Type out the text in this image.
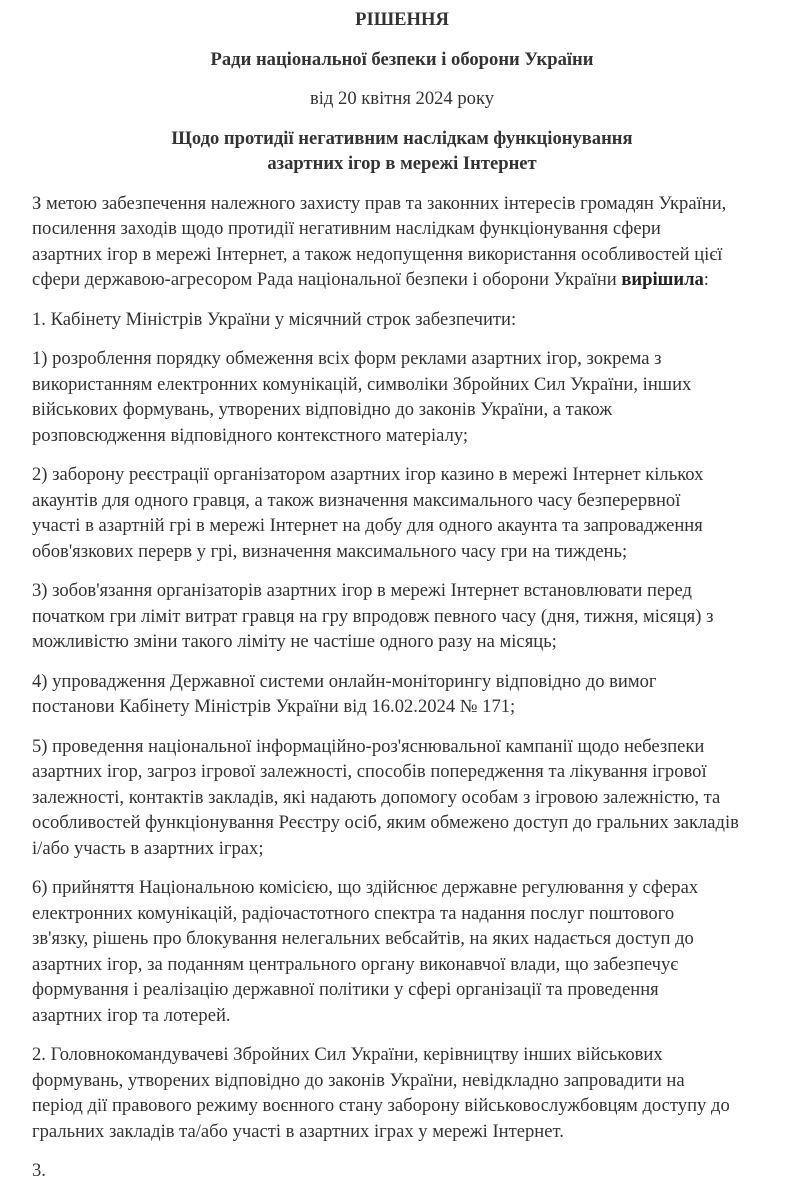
РІШЕННЯ
Ради національної безпеки і оборони України
від 20 квітня 2024 року
Щодо протидії негативним наслідкам функціонування
азартних ігор в мережі Інтернет
З метою забезпечення належного захисту прав та законних інтересів громадян України,
посилення заходів щодо протидії негативним наслідкам функціонування сфери
азартних ігор в мережі Інтернет, а також недопущення використання особливостей цієї
сфери державою-агресором Рада національної безпеки і оборони України вирішила:
1. Кабінету Міністрів України у місячний строк забезпечити:
1) розроблення порядку обмеження всіх форм реклами азартних ігор, зокрема з
використанням електронних комунікацій, символіки Збройних Сил України, інших
військових формувань, утворених відповідно до законів України, а також
розповсюдження відповідного контекстного матеріалу;
2) заборону реєстрації організатором азартних ігор казино в мережі Інтернет кількох
акаунтів для одного гравця, а також визначення максимального часу безперервної
участі в азартній грі в мережі Інтернет на добу для одного акаунта та запровадження
обов'язкових перерв у грі, визначення максимального часу гри на тиждень;
3) зобов'язання організаторів азартних ігор в мережі Інтернет встановлювати перед
початком гри ліміт витрат гравця на гру впродовж певного часу (дня, тижня, місяця) з
можливістю зміни такого ліміту не частіше одного разу на місяць;
4) упровадження Державної системи онлайн-моніторингу відповідно до вимог
постанови Кабінету Міністрів України від 16.02.2024 № 171;
5) проведення національної інформаційно-роз'яснювальної кампанії щодо небезпеки
азартних ігор, загроз ігрової залежності, способів попередження та лікування ігрової
залежності, контактів закладів, які надають допомогу особам з ігровою залежністю, та
особливостей функціонування Реєстру осіб, яким обмежено доступ до гральних закладів
і/або участь в азартних іграх;
6) прийняття Національною комісією, що здійснює державне регулювання у сферах
електронних комунікацій, радіочастотного спектра та надання послуг поштового
зв'язку, рішень про блокування нелегальних вебсайтів, на яких надається доступ до
азартних ігор, за поданням центрального органу виконавчої влади, що забезпечує
формування і реалізацію державної політики у сфері організації та проведення
азартних ігор та лотерей.
2. Головнокомандувачеві Збройних Сил України, керівництву інших військових
формувань, утворених відповідно до законів України, невідкладно запровадити на
період дії правового режиму воєнного стану заборону військовослужбовцям доступу до
гральних закладів та/або участі в азартних іграх у мережі Інтернет.
3.
